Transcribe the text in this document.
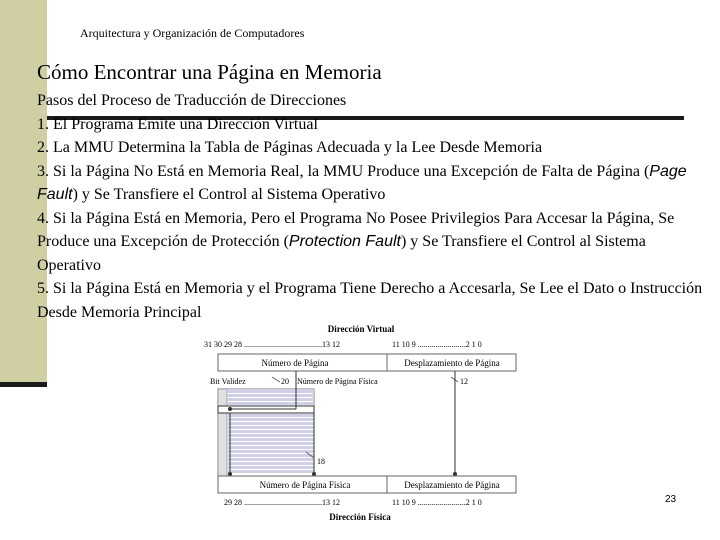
Arquitectura y Organización de Computadores
Cómo Encontrar una Página en Memoria

Pasos del Proceso de Traducción de Direcciones

1. El Programa Emite una Dirección Virtual

2. La MMU Determina la Tabla de Páginas Adecuada y la Lee Desde Memoria

3. Si la Página No Está en Memoria Real, la MMU Produce una Excepción de Falta de Página (Page Fault) y Se Transfiere el Control al Sistema Operativo

4. Si la Página Está en Memoria, Pero el Programa No Posee Privilegios Para Accesar la Página, Se Produce una Excepción de Protección (Protection Fault) y Se Transfiere el Control al Sistema Operativo

5. Si la Página Está en Memoria y el Programa Tiene Derecho a Accesarla, Se Lee el Dato o Instrucción Desde Memoria Principal

Dirección Virtual
31 30 29 28 .......................................13 12	11 10 9 ........................2 1 0
Número de Página	Desplazamiento de Página
Bit Validez	20 Número de Página Física	12
18
Número de Página Física	Desplazamiento de Página
29 28 .......................................13 12	11 10 9 ........................2 1 0
Dirección Física
23
